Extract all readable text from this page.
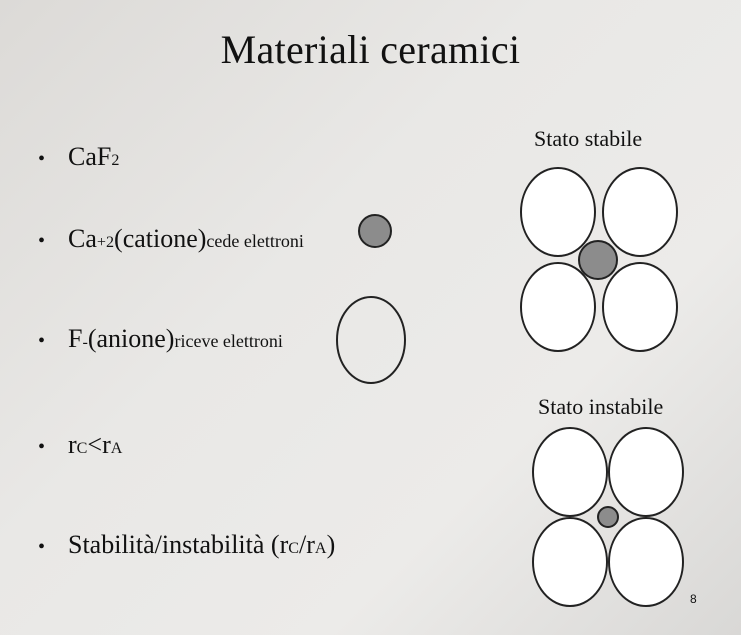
Materiali ceramici
• CaF 2
• Ca +2 (catione) cede elettroni
• F - (anione) riceve elettroni
• r C < r A
• Stabilità/instabilità ( r C / r A )
Stato stabile
Stato instabile
8
